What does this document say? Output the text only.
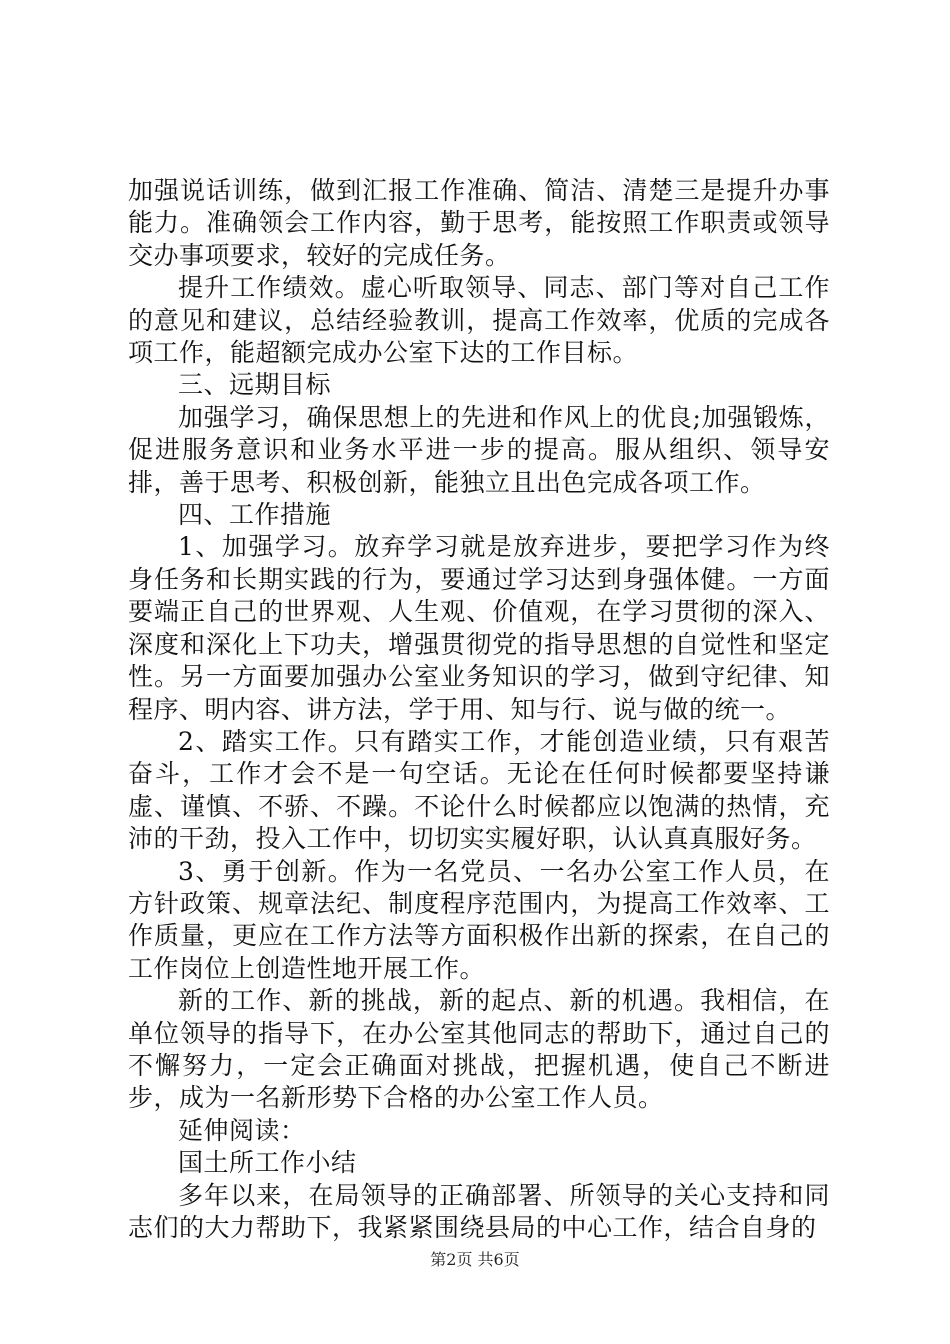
加强说话训练，做到汇报工作准确、简洁、清楚三是提升办事能力。准确领会工作内容，勤于思考，能按照工作职责或领导交办事项要求，较好的完成任务。

提升工作绩效。虚心听取领导、同志、部门等对自己工作的意见和建议，总结经验教训，提高工作效率，优质的完成各项工作，能超额完成办公室下达的工作目标。

三、远期目标

加强学习，确保思想上的先进和作风上的优良;加强锻炼，促进服务意识和业务水平进一步的提高。服从组织、领导安排，善于思考、积极创新，能独立且出色完成各项工作。

四、工作措施

1、加强学习。放弃学习就是放弃进步，要把学习作为终身任务和长期实践的行为，要通过学习达到身强体健。一方面要端正自己的世界观、人生观、价值观，在学习贯彻的深入、深度和深化上下功夫，增强贯彻党的指导思想的自觉性和坚定性。另一方面要加强办公室业务知识的学习，做到守纪律、知程序、明内容、讲方法，学于用、知与行、说与做的统一。

2、踏实工作。只有踏实工作，才能创造业绩，只有艰苦奋斗，工作才会不是一句空话。无论在任何时候都要坚持谦虚、谨慎、不骄、不躁。不论什么时候都应以饱满的热情，充沛的干劲，投入工作中，切切实实履好职，认认真真服好务。

3、勇于创新。作为一名党员、一名办公室工作人员，在方针政策、规章法纪、制度程序范围内，为提高工作效率、工作质量，更应在工作方法等方面积极作出新的探索，在自己的工作岗位上创造性地开展工作。

新的工作、新的挑战，新的起点、新的机遇。我相信，在单位领导的指导下，在办公室其他同志的帮助下，通过自己的不懈努力，一定会正确面对挑战，把握机遇，使自己不断进步，成为一名新形势下合格的办公室工作人员。

延伸阅读：

国土所工作小结

多年以来，在局领导的正确部署、所领导的关心支持和同志们的大力帮助下，我紧紧围绕县局的中心工作，结合自身的

第2页 共6页
